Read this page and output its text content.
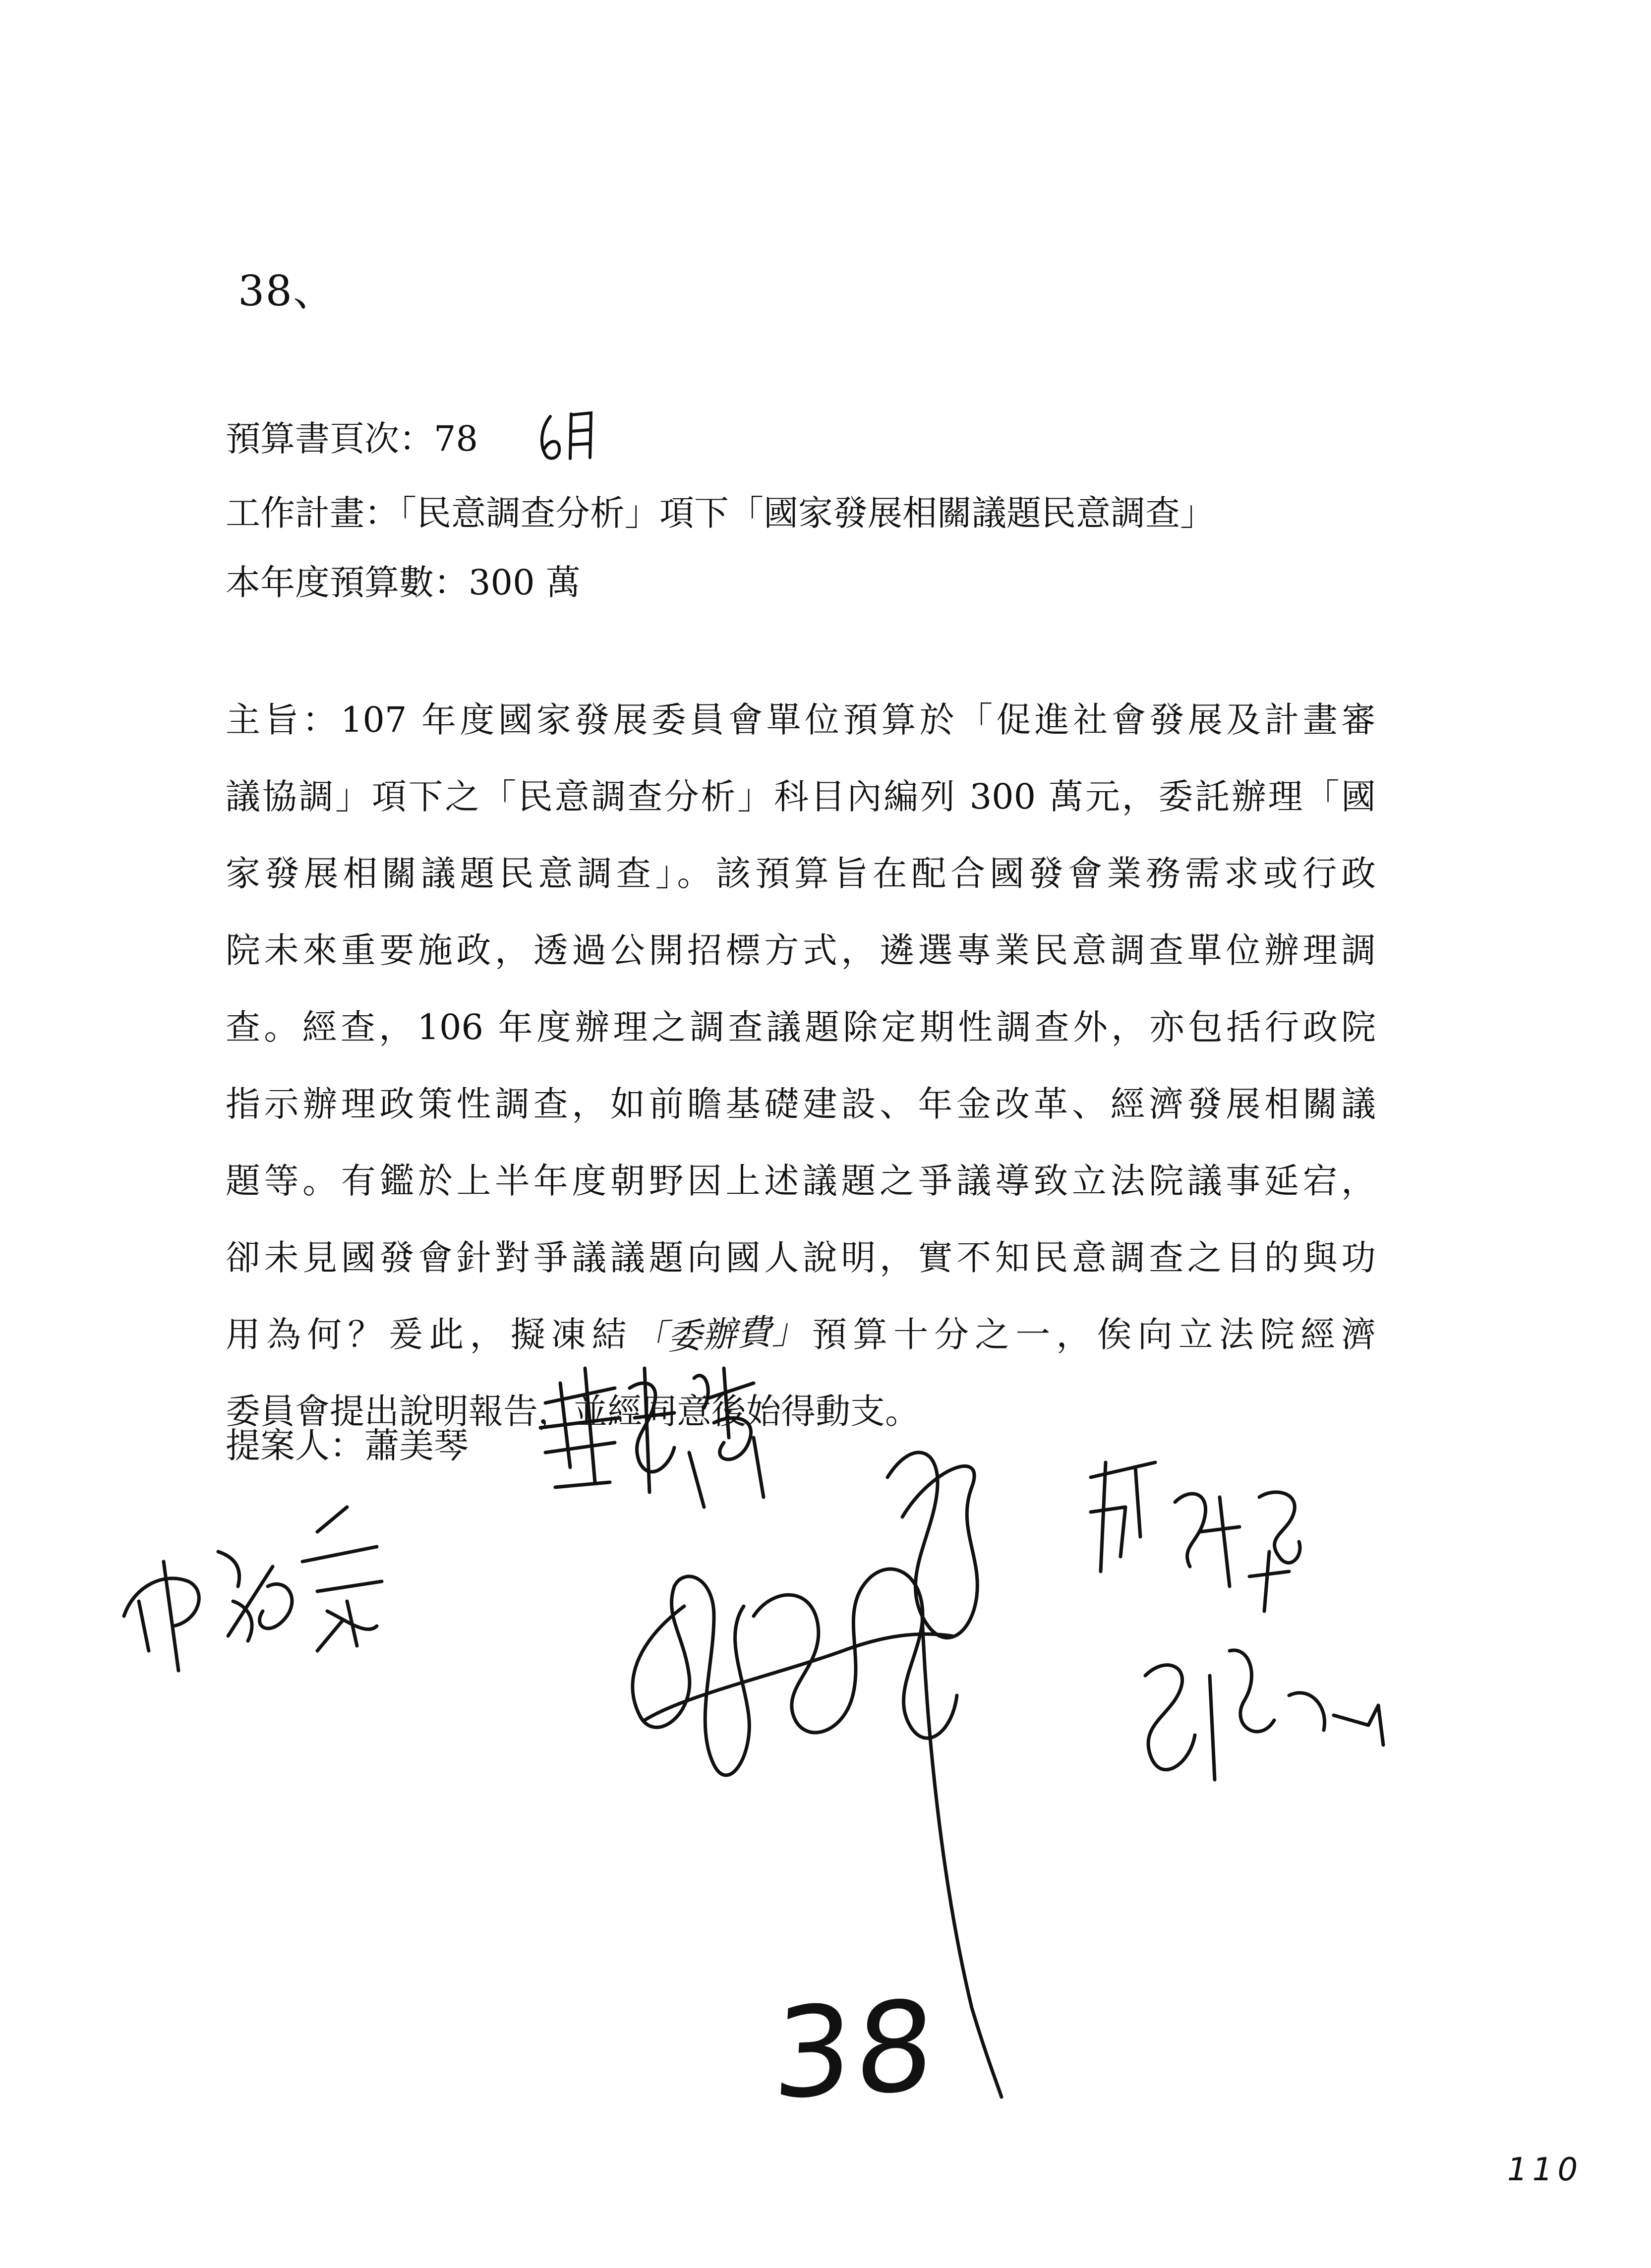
38、
預算書頁次：78
工作計畫：「民意調查分析」項下「國家發展相關議題民意調查」
本年度預算數：300 萬
主旨：107 年度國家發展委員會單位預算於「促進社會發展及計畫審
議協調」項下之「民意調查分析」科目內編列 300 萬元，委託辦理「國
家發展相關議題民意調查」。該預算旨在配合國發會業務需求或行政
院未來重要施政，透過公開招標方式，遴選專業民意調查單位辦理調
查。經查，106 年度辦理之調查議題除定期性調查外，亦包括行政院
指示辦理政策性調查，如前瞻基礎建設、年金改革、經濟發展相關議
題等。有鑑於上半年度朝野因上述議題之爭議導致立法院議事延宕，
卻未見國發會針對爭議議題向國人說明，實不知民意調查之目的與功
用為何？爰此，擬凍結「委辦費」預算十分之一，俟向立法院經濟
委員會提出說明報告，並經同意後始得動支。
提案人：蕭美琴
38
110
